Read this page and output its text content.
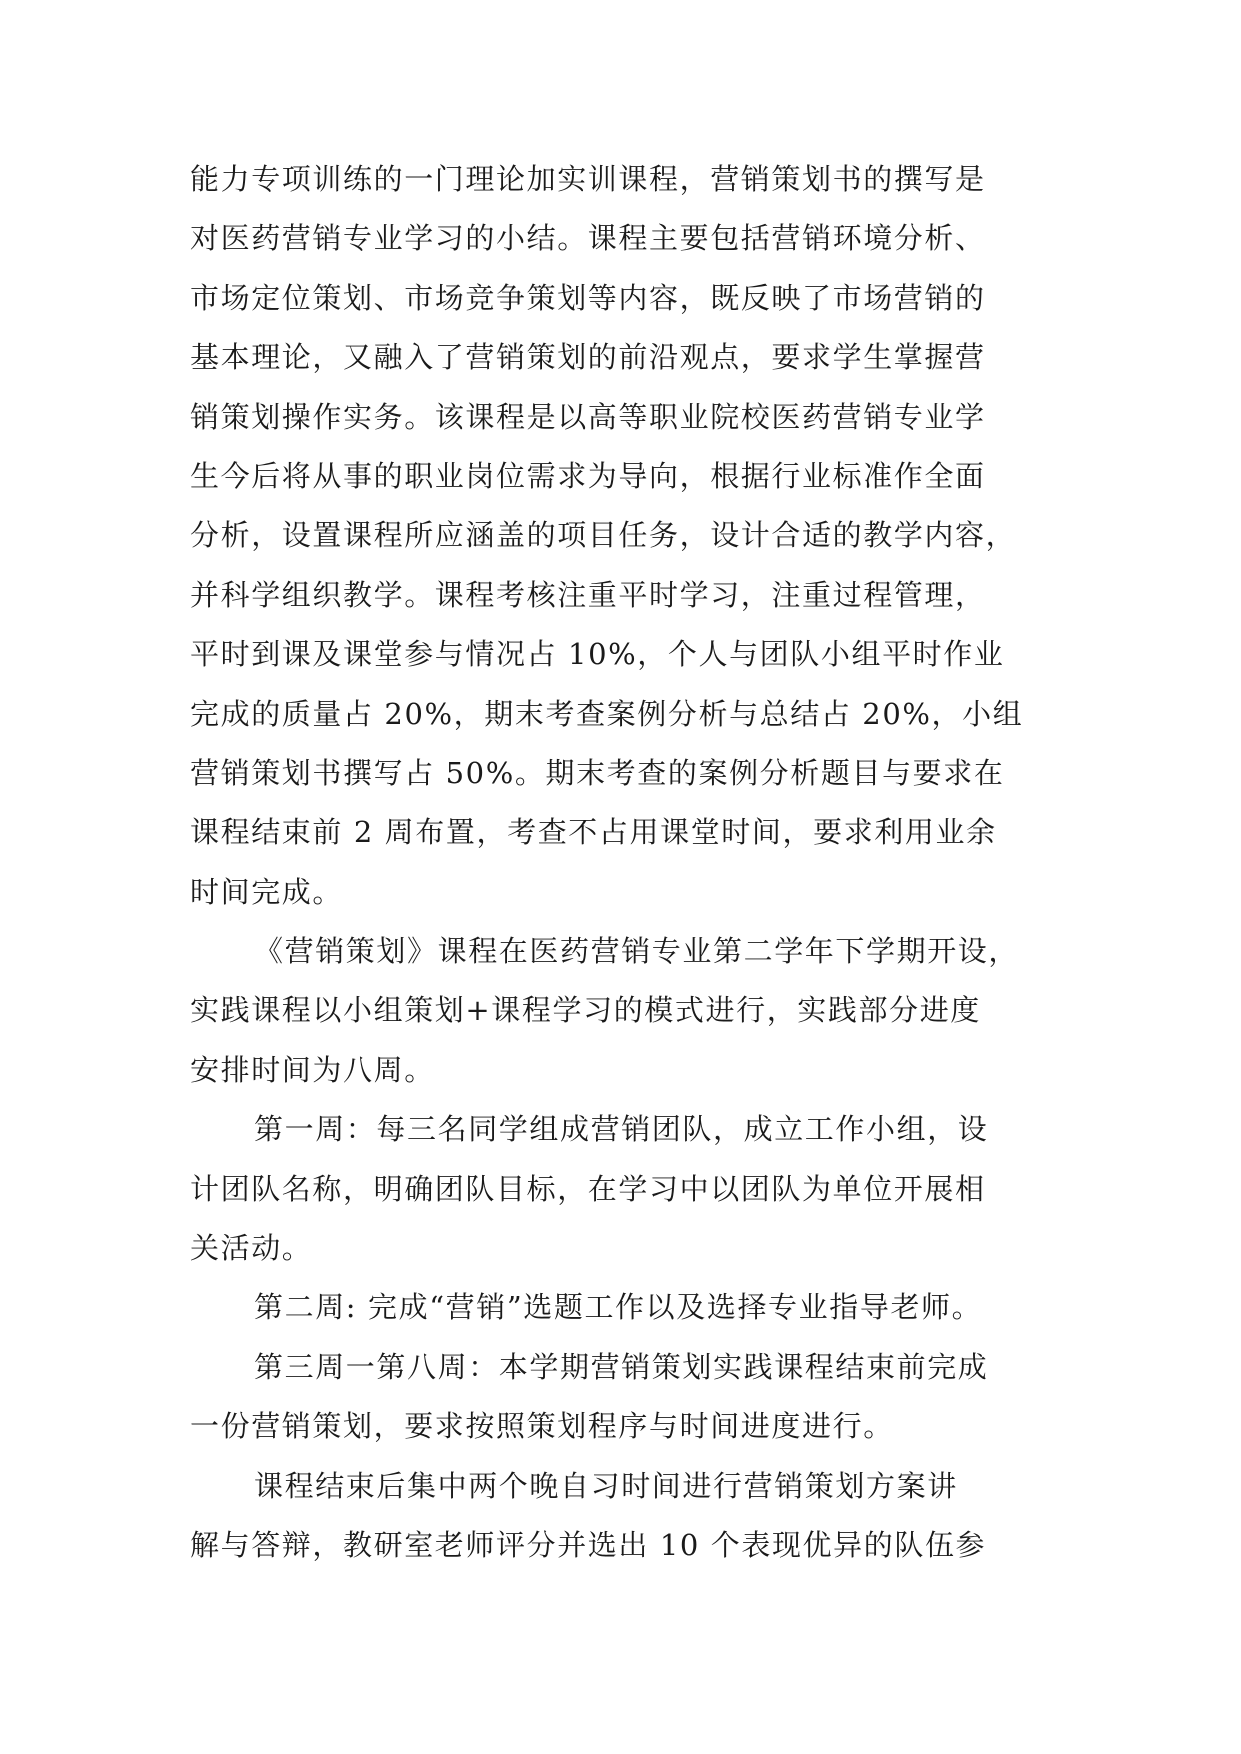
能力专项训练的一门理论加实训课程，营销策划书的撰写是
对医药营销专业学习的小结。课程主要包括营销环境分析、
市场定位策划、市场竞争策划等内容，既反映了市场营销的
基本理论，又融入了营销策划的前沿观点，要求学生掌握营
销策划操作实务。该课程是以高等职业院校医药营销专业学
生今后将从事的职业岗位需求为导向，根据行业标准作全面
分析，设置课程所应涵盖的项目任务，设计合适的教学内容，
并科学组织教学。课程考核注重平时学习，注重过程管理，
平时到课及课堂参与情况占 10%，个人与团队小组平时作业
完成的质量占 20%，期末考查案例分析与总结占 20%，小组
营销策划书撰写占 50%。期末考查的案例分析题目与要求在
课程结束前 2 周布置，考查不占用课堂时间，要求利用业余
时间完成。
《营销策划》课程在医药营销专业第二学年下学期开设，
实践课程以小组策划+课程学习的模式进行，实践部分进度
安排时间为八周。
第一周：每三名同学组成营销团队，成立工作小组，设
计团队名称，明确团队目标，在学习中以团队为单位开展相
关活动。
第二周: 完成“营销”选题工作以及选择专业指导老师。
第三周一第八周：本学期营销策划实践课程结束前完成
一份营销策划，要求按照策划程序与时间进度进行。
课程结束后集中两个晚自习时间进行营销策划方案讲
解与答辩，教研室老师评分并选出 10 个表现优异的队伍参
